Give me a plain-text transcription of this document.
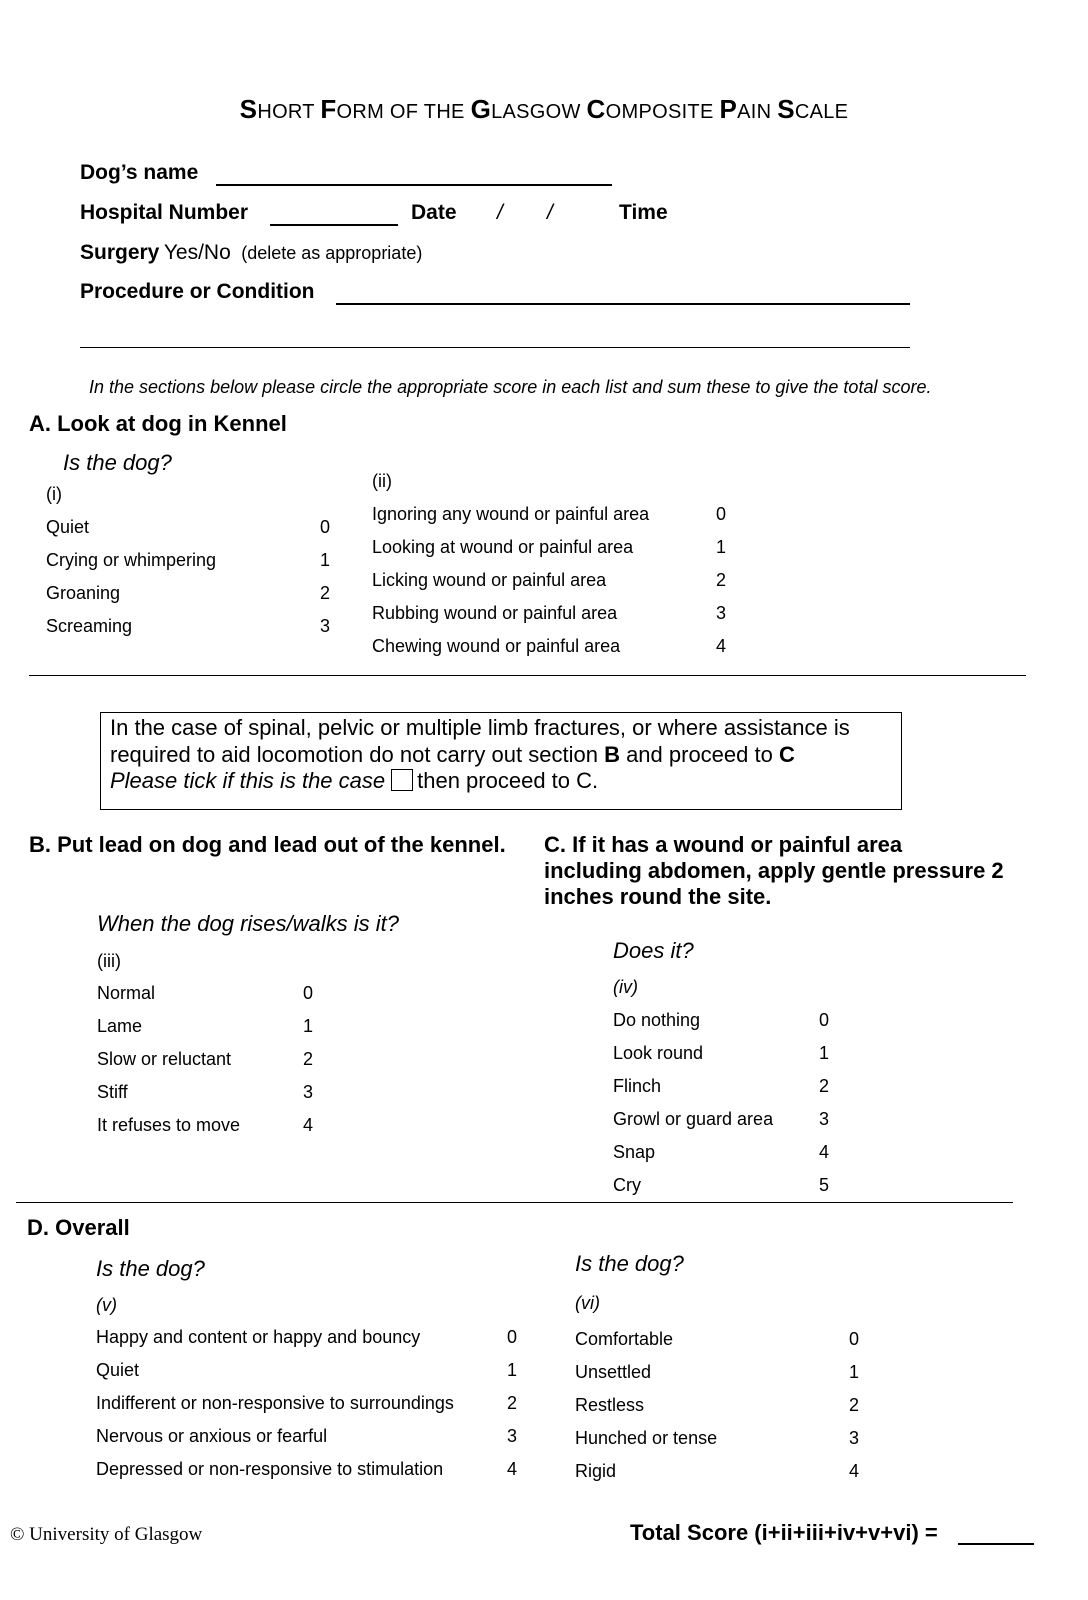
SHORT FORM OF THE GLASGOW COMPOSITE PAIN SCALE
Dog’s name
Hospital Number	Date / /	Time
Surgery Yes/No (delete as appropriate)
Procedure or Condition
In the sections below please circle the appropriate score in each list and sum these to give the total score.
A. Look at dog in Kennel
Is the dog?
(i)
Quiet	0
Crying or whimpering	1
Groaning	2
Screaming	3
(ii)
Ignoring any wound or painful area	0
Looking at wound or painful area	1
Licking wound or painful area	2
Rubbing wound or painful area	3
Chewing wound or painful area	4
In the case of spinal, pelvic or multiple limb fractures, or where assistance is
required to aid locomotion do not carry out section B and proceed to C
Please tick if this is the case then proceed to C.
B. Put lead on dog and lead out of the kennel.
When the dog rises/walks is it?
(iii)
Normal	0
Lame	1
Slow or reluctant	2
Stiff	3
It refuses to move	4
C. If it has a wound or painful area
including abdomen, apply gentle pressure 2
inches round the site.
Does it?
(iv)
Do nothing	0
Look round	1
Flinch	2
Growl or guard area	3
Snap	4
Cry	5
D. Overall
Is the dog?
(v)
Happy and content or happy and bouncy	0
Quiet	1
Indifferent or non-responsive to surroundings	2
Nervous or anxious or fearful	3
Depressed or non-responsive to stimulation	4
Is the dog?
(vi)
Comfortable	0
Unsettled	1
Restless	2
Hunched or tense	3
Rigid	4
© University of Glasgow	Total Score (i+ii+iii+iv+v+vi) =
